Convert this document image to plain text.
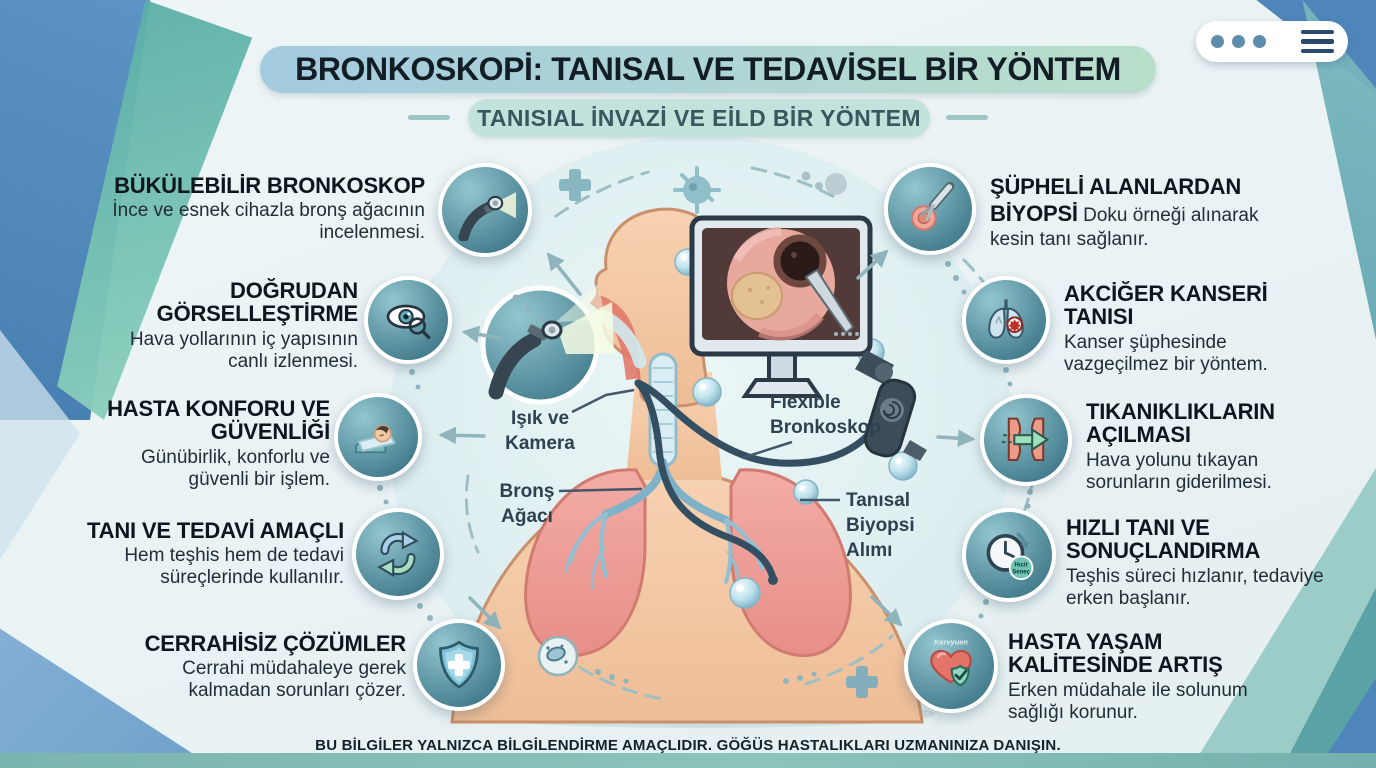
Işık ve Kamera
Bronş Ağacı
Flexible Bronkoskop
Tanısal Biyopsi Alımı
BRONKOSKOPİ: TANISAL VE TEDAVİSEL BİR YÖNTEM
TANISIAL İNVAZİ VE EİLD BİR YÖNTEM
BÜKÜLEBİLİR BRONKOSKOP
İnce ve esnek cihazla bronş ağacının incelenmesi.
DOĞRUDAN GÖRSELLEŞTİRME
Hava yollarının iç yapısının canlı izlenmesi.
HASTA KONFORU VE GÜVENLİĞİ
Günübirlik, konforlu ve güvenli bir işlem.
TANI VE TEDAVİ AMAÇLI
Hem teşhis hem de tedavi süreçlerinde kullanılır.
CERRAHİSİZ ÇÖZÜMLER
Cerrahi müdahaleye gerek kalmadan sorunları çözer.

ŞÜPHELİ ALANLARDAN BİYOPSİ Doku örneği alınarak kesin tanı sağlanır.

AKCİĞER KANSERİ TANISI
Kanser şüphesinde vazgeçilmez bir yöntem.
TIKANIKLIKLARIN AÇILMASI
Hava yolunu tıkayan sorunların giderilmesi.
Hıcit
Seneç
HIZLI TANI VE SONUÇLANDIRMA
Teşhis süreci hızlanır, tedaviye erken başlanır.
Kervyuen HASTA YAŞAM KALİTESİNDE ARTIŞ
Erken müdahale ile solunum sağlığı korunur.
BU BİLGİLER YALNIZCA BİLGİLENDİRME AMAÇLIDIR. GÖĞÜS HASTALIKLARI UZMANINIZA DANIŞIN.
